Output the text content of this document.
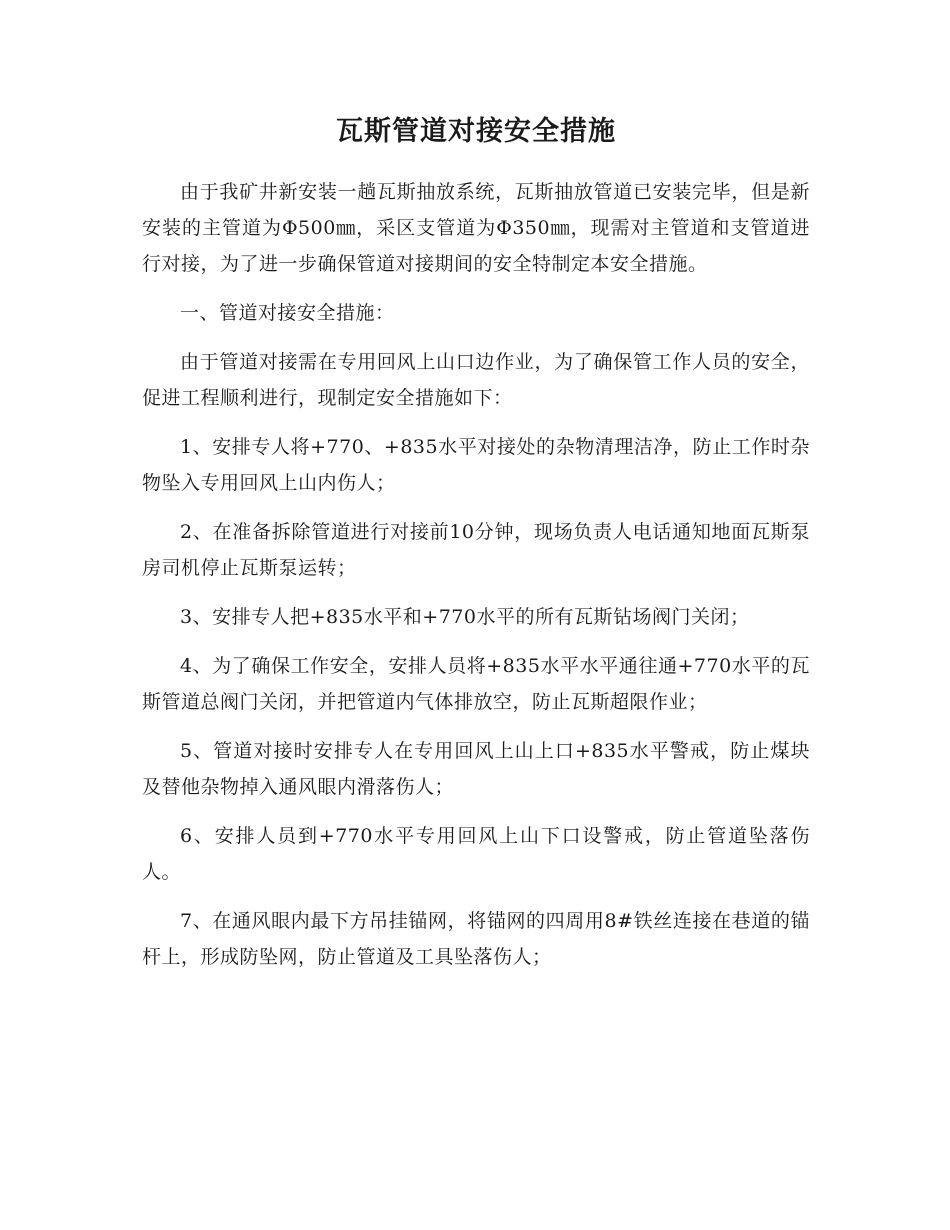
瓦斯管道对接安全措施

由于我矿井新安装一趟瓦斯抽放系统，瓦斯抽放管道已安装完毕，但是新安装的主管道为Φ500㎜，采区支管道为Φ350㎜，现需对主管道和支管道进行对接，为了进一步确保管道对接期间的安全特制定本安全措施。

一、管道对接安全措施：

由于管道对接需在专用回风上山口边作业，为了确保管工作人员的安全，促进工程顺利进行，现制定安全措施如下：

1、安排专人将+770、+835水平对接处的杂物清理洁净，防止工作时杂物坠入专用回风上山内伤人；

2、在准备拆除管道进行对接前10分钟，现场负责人电话通知地面瓦斯泵房司机停止瓦斯泵运转；

3、安排专人把+835水平和+770水平的所有瓦斯钻场阀门关闭；

4、为了确保工作安全，安排人员将+835水平水平通往通+770水平的瓦斯管道总阀门关闭，并把管道内气体排放空，防止瓦斯超限作业；

5、管道对接时安排专人在专用回风上山上口+835水平警戒，防止煤块及替他杂物掉入通风眼内滑落伤人；

6、安排人员到+770水平专用回风上山下口设警戒，防止管道坠落伤人。

7、在通风眼内最下方吊挂锚网，将锚网的四周用8#铁丝连接在巷道的锚杆上，形成防坠网，防止管道及工具坠落伤人；
